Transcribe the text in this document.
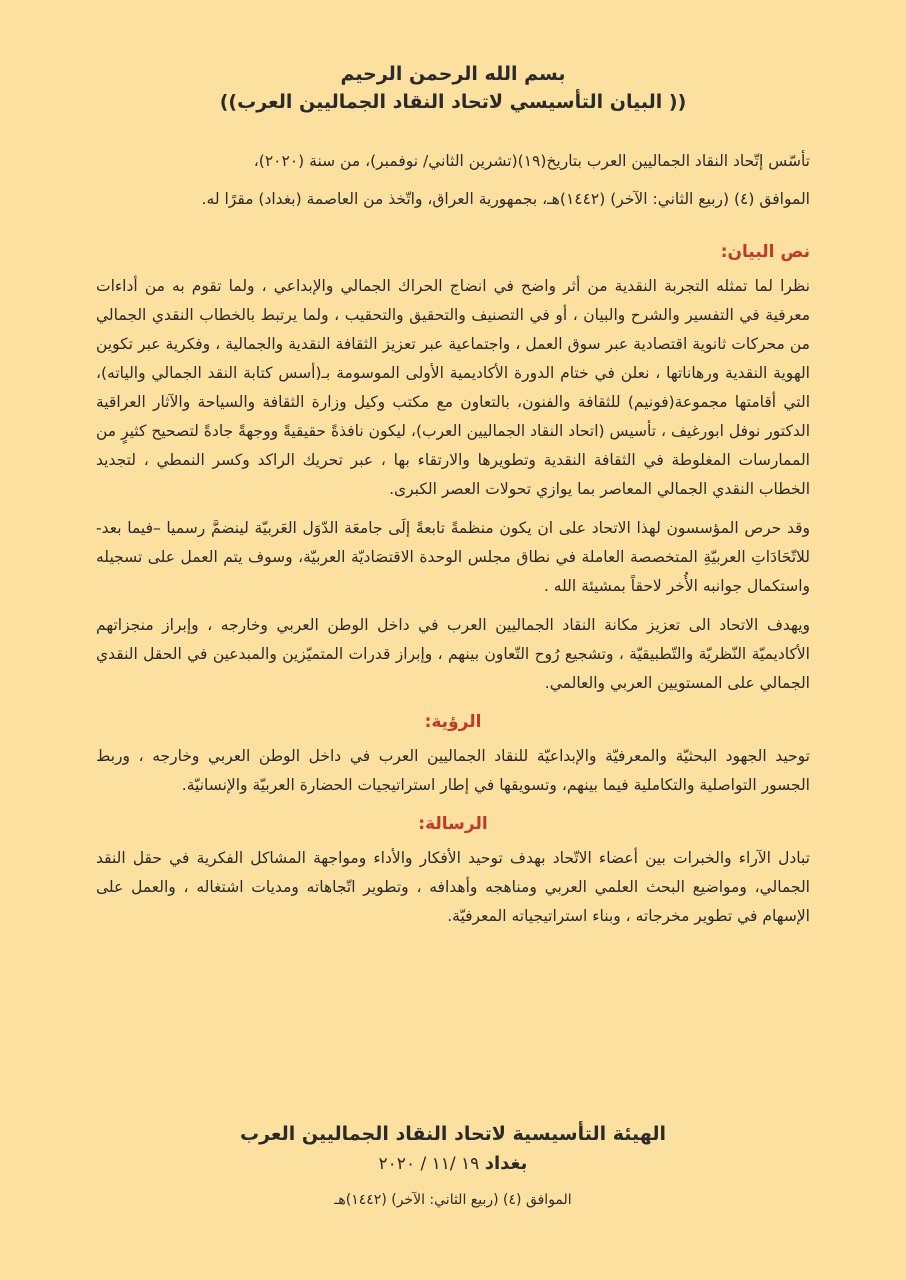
بسم الله الرحمن الرحيم
(( البيان التأسيسي لاتحاد النقاد الجماليين العرب))

تأسّس إتّحاد النقاد الجماليين العرب بتاريخ(١٩)(تشرين الثاني/ نوفمبر)، من سنة (٢٠٢٠)،

الموافق (٤) (ربيع الثاني: الآخر) (١٤٤٢)هـ، بجمهورية العراق، واتّخذ من العاصمة (بغداد) مقرًا له.

نص البيان:

نظرا لما تمثله التجربة النقدية من أثر واضح في انضاج الحراك الجمالي والإبداعي ، ولما تقوم به من أداءات معرفية في التفسير والشرح والبيان ، أو في التصنيف والتحقيق والتحقيب ، ولما يرتبط بالخطاب النقدي الجمالي من محركات ثانوية اقتصادية عبر سوق العمل ، واجتماعية عبر تعزيز الثقافة النقدية والجمالية ، وفكرية عبر تكوين الهوية النقدية ورهاناتها ، نعلن في ختام الدورة الأكاديمية الأولى الموسومة بـ(أسس كتابة النقد الجمالي والياته)، التي أقامتها مجموعة(فونيم) للثقافة والفنون، بالتعاون مع مكتب وكيل وزارة الثقافة والسياحة والآثار العراقية الدكتور نوفل ابورغيف ، تأسيس (اتحاد النقاد الجماليين العرب)، ليكون نافذةً حقيقيةً ووجهةً جادةً لتصحيح كثيرٍ من الممارسات المغلوطة في الثقافة النقدية وتطويرها والارتقاء بها ، عبر تحريك الراكد وكسر النمطي ، لتجديد الخطاب النقدي الجمالي المعاصر بما يوازي تحولات العصر الكبرى.

وقد حرص المؤسسون لهذا الاتحاد على ان يكون منظمةً تابعةً إلَى جامعَة الدّوَل العَربيّة لينضمَّ رسميا –فيما بعد- للاتّحَادَاتِ العربيّةِ المتخصصة العاملة في نطاق مجلس الوحدة الاقتصَاديّة العربيّة، وسوف يتم العمل على تسجيله واستكمال جوانبه الأُخر لاحقاً بمشيئة الله .

ويهدف الاتحاد الى تعزيز مكانة النقاد الجماليين العرب في داخل الوطن العربي وخارجه ، وإبراز منجزاتهم الأكاديميّة النّظريّة والتّطبيقيّة ، وتشجيع رُوح التّعاون بينهم ، وإبراز قدرات المتميّزين والمبدعين في الحقل النقدي الجمالي على المستويين العربي والعالمي.

الرؤية:

توحيد الجهود البحثيّة والمعرفيّة والإبداعيّة للنقاد الجماليين العرب في داخل الوطن العربي وخارجه ، وربط الجسور التواصلية والتكاملية فيما بينهم، وتسويقها في إطار استراتيجيات الحضارة العربيّة والإنسانيّة.

الرسالة:

تبادل الآراء والخبرات بين أعضاء الاتّحاد بهدف توحيد الأفكار والأداء ومواجهة المشاكل الفكرية في حقل النقد الجمالي، ومواضيع البحث العلمي العربي ومناهجه وأهدافه ، وتطوير اتّجاهاته ومديات اشتغاله ، والعمل على الإسهام في تطوير مخرجاته ، وبناء استراتيجياته المعرفيّة.

الهيئة التأسيسية لاتحاد النقاد الجماليين العرب
بغداد ١٩ /١١ / ٢٠٢٠
الموافق (٤) (ربيع الثاني: الآخر) (١٤٤٢)هـ
